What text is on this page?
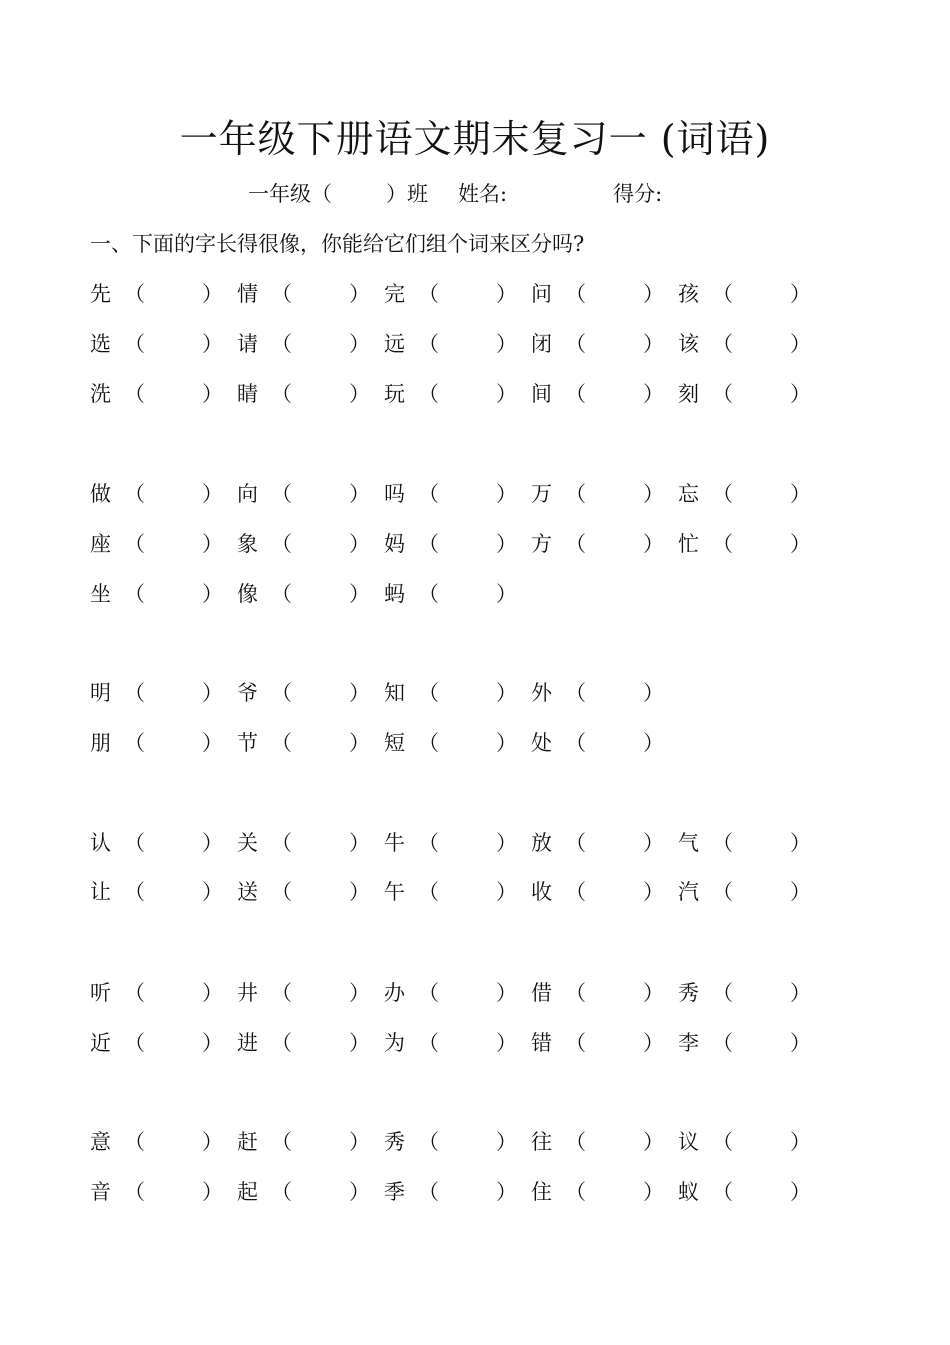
一年级下册语文期末复习一 (词语)
一年级（	）班 姓名:	得分:
一、下面的字长得很像，你能给它们组个词来区分吗?
先 （	） 情 （	） 完 （	） 问 （	） 孩 （	）
选 （	） 请 （	） 远 （	） 闭 （	） 该 （	）
洗 （	） 睛 （	） 玩 （	） 间 （	） 刻 （	）
做 （	） 向 （	） 吗 （	） 万 （	） 忘 （	）
座 （	） 象 （	） 妈 （	） 方 （	） 忙 （	）
坐 （	） 像 （	） 蚂 （	）
明 （	） 爷 （	） 知 （	） 外 （	）
朋 （	） 节 （	） 短 （	） 处 （	）
认 （	） 关 （	） 牛 （	） 放 （	） 气 （	）
让 （	） 送 （	） 午 （	） 收 （	） 汽 （	）
听 （	） 井 （	） 办 （	） 借 （	） 秀 （	）
近 （	） 进 （	） 为 （	） 错 （	） 李 （	）
意 （	） 赶 （	） 秀 （	） 往 （	） 议 （	）
音 （	） 起 （	） 季 （	） 住 （	） 蚁 （	）
